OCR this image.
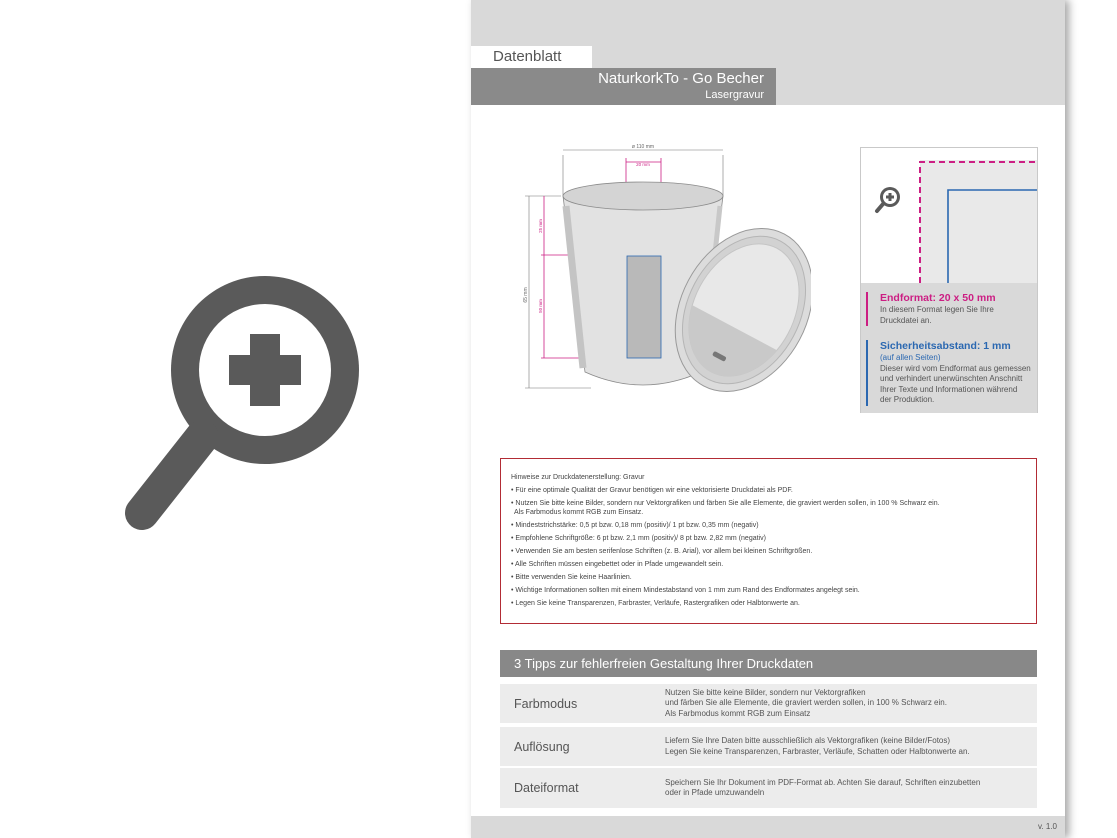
Datenblatt
NaturkorkTo - Go Becher
Lasergravur
ø 110 mm
65 mm
20 mm
25 mm
50 mm
Endformat: 20 x 50 mm
In diesem Format legen Sie Ihre
Druckdatei an.
Sicherheitsabstand: 1 mm
(auf allen Seiten)
Dieser wird vom Endformat aus gemessen
und verhindert unerwünschten Anschnitt
Ihrer Texte und Informationen während
der Produktion.
Hinweise zur Druckdatenerstellung: Gravur
• Für eine optimale Qualität der Gravur benötigen wir eine vektorisierte Druckdatei als PDF.
• Nutzen Sie bitte keine Bilder, sondern nur Vektorgrafiken und färben Sie alle Elemente, die graviert werden sollen, in 100 % Schwarz ein.
Als Farbmodus kommt RGB zum Einsatz.
• Mindeststrichstärke: 0,5 pt bzw. 0,18 mm (positiv)/ 1 pt bzw. 0,35 mm (negativ)
• Empfohlene Schriftgröße: 6 pt bzw. 2,1 mm (positiv)/ 8 pt bzw. 2,82 mm (negativ)
• Verwenden Sie am besten serifenlose Schriften (z. B. Arial), vor allem bei kleinen Schriftgrößen.
• Alle Schriften müssen eingebettet oder in Pfade umgewandelt sein.
• Bitte verwenden Sie keine Haarlinien.
• Wichtige Informationen sollten mit einem Mindestabstand von 1 mm zum Rand des Endformates angelegt sein.
• Legen Sie keine Transparenzen, Farbraster, Verläufe, Rastergrafiken oder Halbtonwerte an.
3 Tipps zur fehlerfreien Gestaltung Ihrer Druckdaten
Farbmodus
Nutzen Sie bitte keine Bilder, sondern nur Vektorgrafiken
und färben Sie alle Elemente, die graviert werden sollen, in 100 % Schwarz ein.
Als Farbmodus kommt RGB zum Einsatz
Auflösung	Liefern Sie Ihre Daten bitte ausschließlich als Vektorgrafiken (keine Bilder/Fotos)
Legen Sie keine Transparenzen, Farbraster, Verläufe, Schatten oder Halbtonwerte an.
Dateiformat	Speichern Sie Ihr Dokument im PDF-Format ab. Achten Sie darauf, Schriften einzubetten
oder in Pfade umzuwandeln
v. 1.0
